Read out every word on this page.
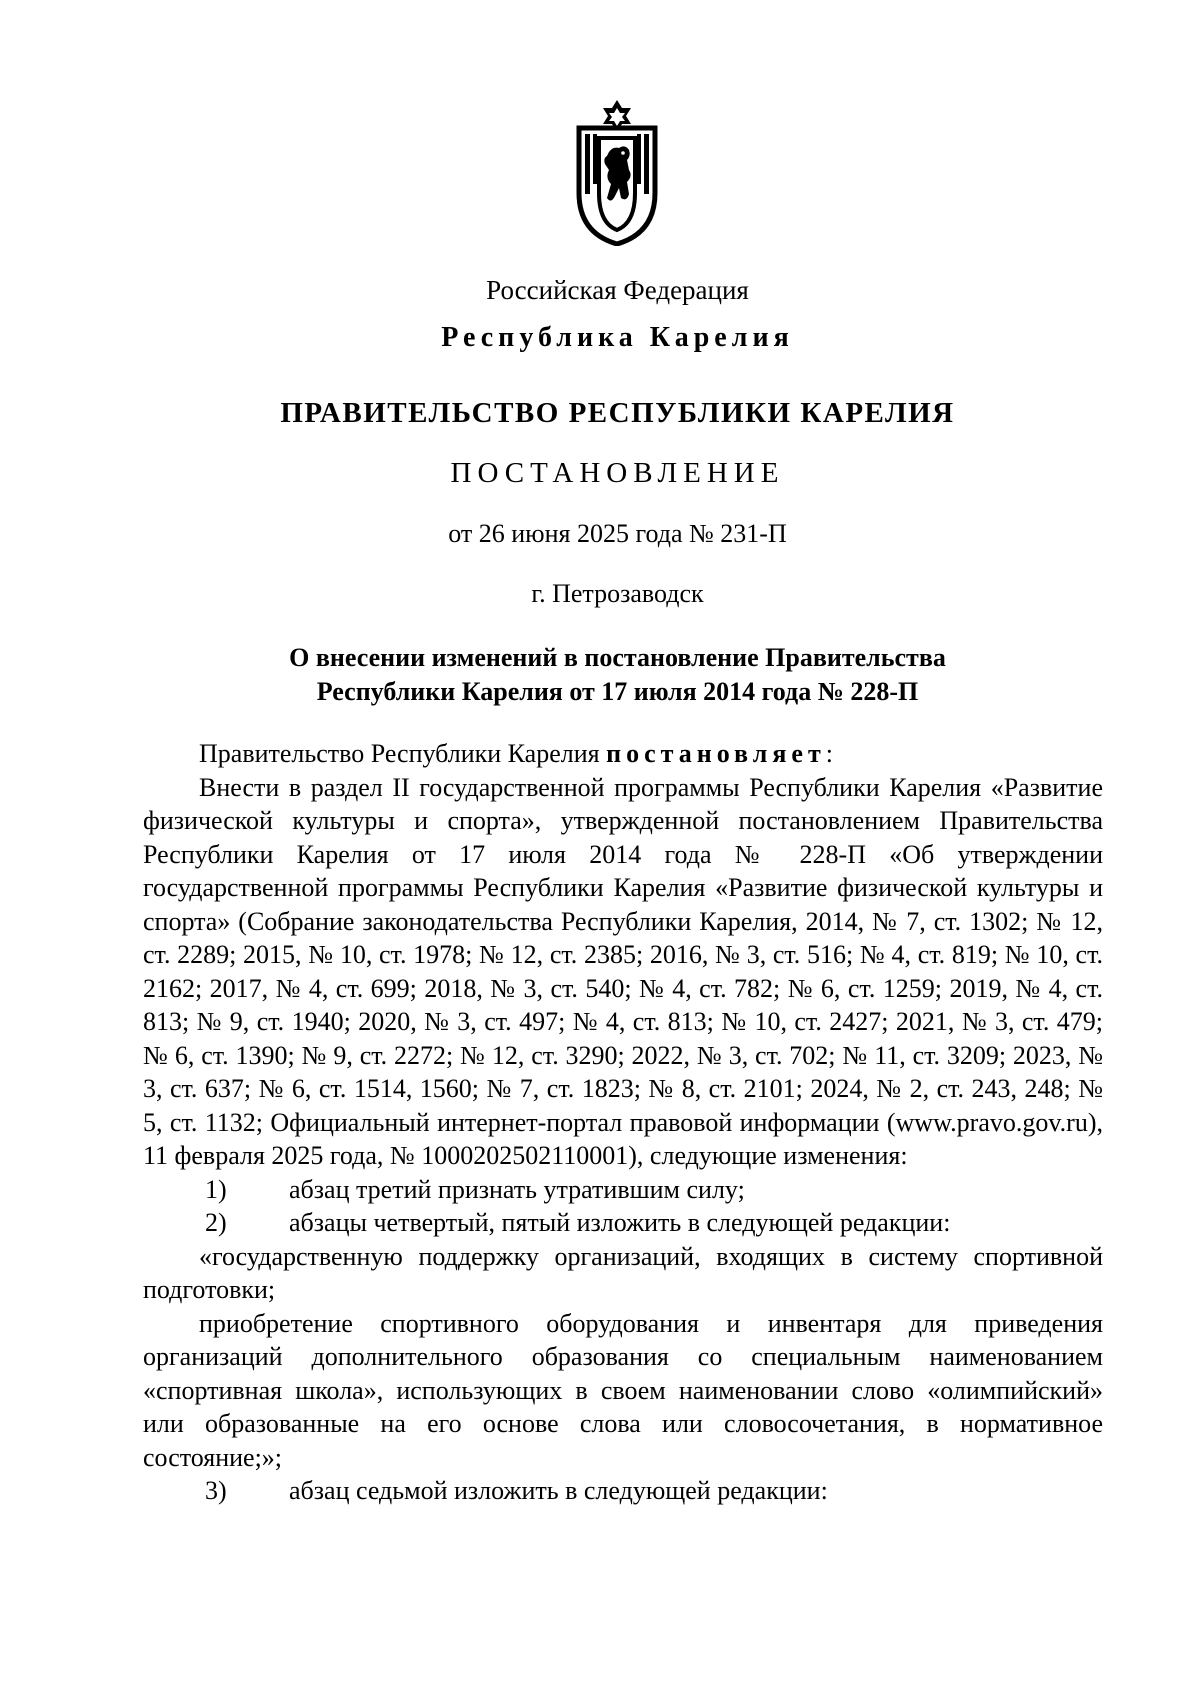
Российская Федерация
Республика Карелия
ПРАВИТЕЛЬСТВО РЕСПУБЛИКИ КАРЕЛИЯ
ПОСТАНОВЛЕНИЕ
от 26 июня 2025 года № 231-П
г. Петрозаводск
О внесении изменений в постановление Правительства
Республики Карелия от 17 июля 2014 года № 228-П

Правительство Республики Карелия постановляет:

Внести в раздел II государственной программы Республики Карелия «Развитие физической культуры и спорта», утвержденной постановлением Правительства Республики Карелия от 17 июля 2014 года № 228-П «Об утверждении государственной программы Республики Карелия «Развитие физической культуры и спорта» (Собрание законодательства Республики Карелия, 2014, № 7, ст. 1302; № 12, ст. 2289; 2015, № 10, ст. 1978; № 12, ст. 2385; 2016, № 3, ст. 516; № 4, ст. 819; № 10, ст. 2162; 2017, № 4, ст. 699; 2018, № 3, ст. 540; № 4, ст. 782; № 6, ст. 1259; 2019, № 4, ст. 813; № 9, ст. 1940; 2020, № 3, ст. 497; № 4, ст. 813; № 10, ст. 2427; 2021, № 3, ст. 479; № 6, ст. 1390; № 9, ст. 2272; № 12, ст. 3290; 2022, № 3, ст. 702; № 11, ст. 3209; 2023, № 3, ст. 637; № 6, ст. 1514, 1560; № 7, ст. 1823; № 8, ст. 2101; 2024, № 2, ст. 243, 248; № 5, ст. 1132; Официальный интернет-портал правовой информации (www.pravo.gov.ru), 11 февраля 2025 года, № 1000202502110001), следующие изменения:

1)	абзац третий признать утратившим силу;
2)	абзацы четвертый, пятый изложить в следующей редакции:

«государственную поддержку организаций, входящих в систему спортивной подготовки;

приобретение спортивного оборудования и инвентаря для приведения организаций дополнительного образования со специальным наименованием «спортивная школа», использующих в своем наименовании слово «олимпийский» или образованные на его основе слова или словосочетания, в нормативное состояние;»;

3)	абзац седьмой изложить в следующей редакции:
